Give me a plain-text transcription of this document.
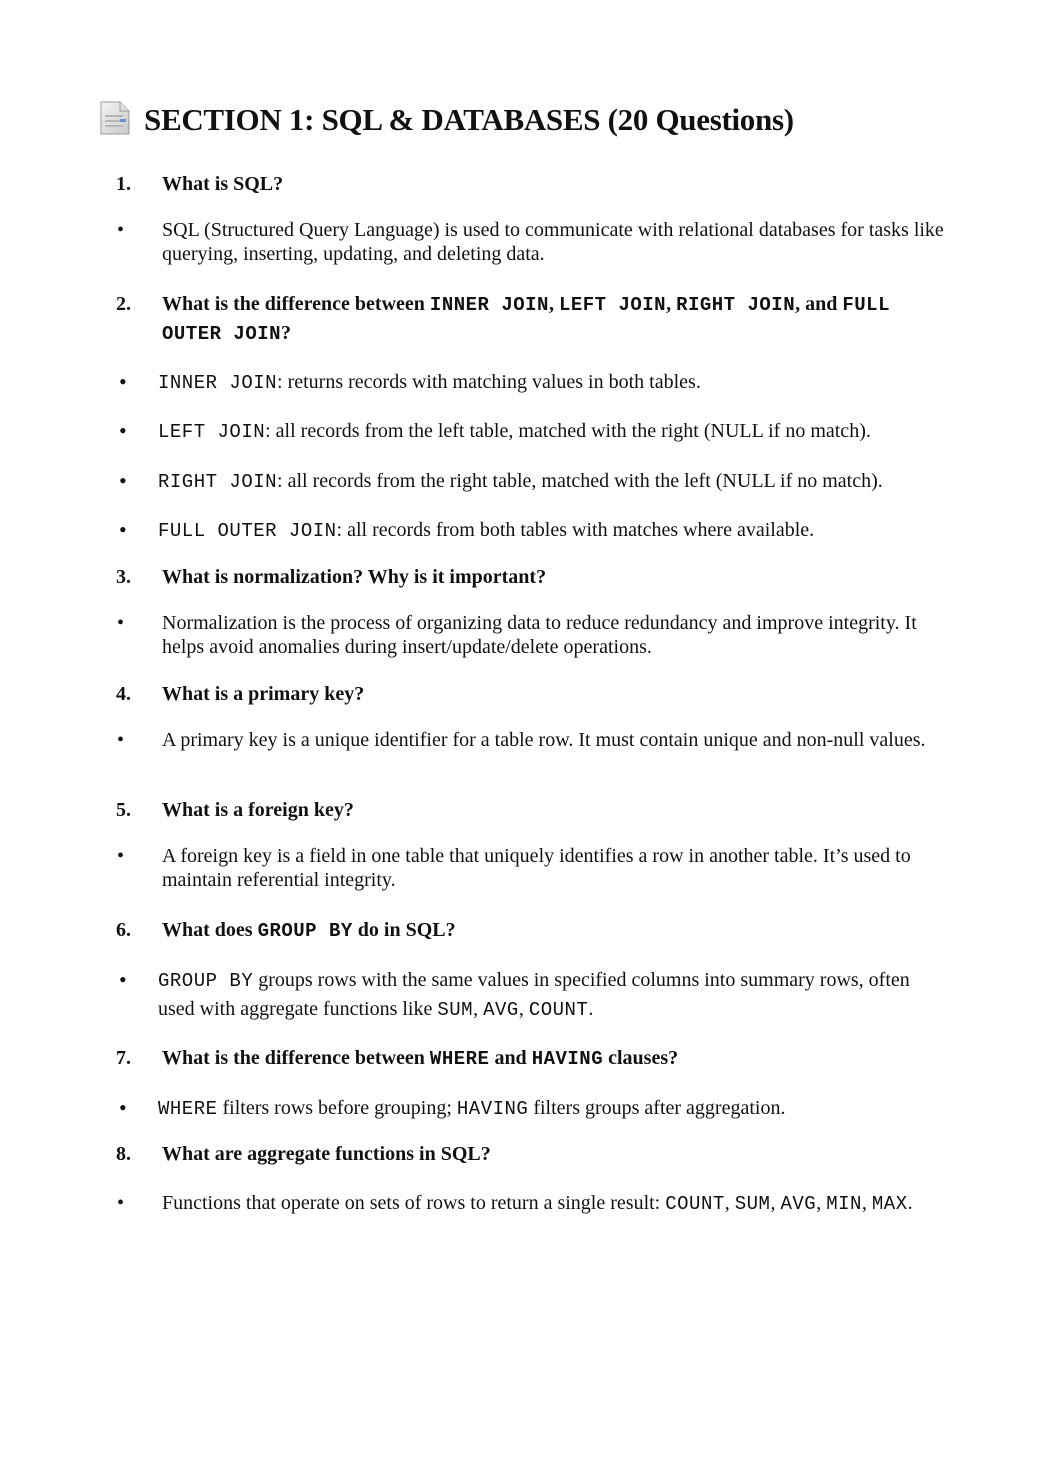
SECTION 1: SQL & DATABASES (20 Questions)
1. What is SQL?
• SQL (Structured Query Language) is used to communicate with relational databases for tasks like querying, inserting, updating, and deleting data.
2. What is the difference between INNER JOIN, LEFT JOIN, RIGHT JOIN, and FULL OUTER JOIN?
• INNER JOIN: returns records with matching values in both tables.
• LEFT JOIN: all records from the left table, matched with the right (NULL if no match).
• RIGHT JOIN: all records from the right table, matched with the left (NULL if no match).
• FULL OUTER JOIN: all records from both tables with matches where available.
3. What is normalization? Why is it important?
• Normalization is the process of organizing data to reduce redundancy and improve integrity. It helps avoid anomalies during insert/update/delete operations.
4. What is a primary key?
• A primary key is a unique identifier for a table row. It must contain unique and non-null values.
5. What is a foreign key?
• A foreign key is a field in one table that uniquely identifies a row in another table. It’s used to maintain referential integrity.
6. What does GROUP BY do in SQL?
• GROUP BY groups rows with the same values in specified columns into summary rows, often used with aggregate functions like SUM, AVG, COUNT.
7. What is the difference between WHERE and HAVING clauses?
• WHERE filters rows before grouping; HAVING filters groups after aggregation.
8. What are aggregate functions in SQL?
• Functions that operate on sets of rows to return a single result: COUNT, SUM, AVG, MIN, MAX.
